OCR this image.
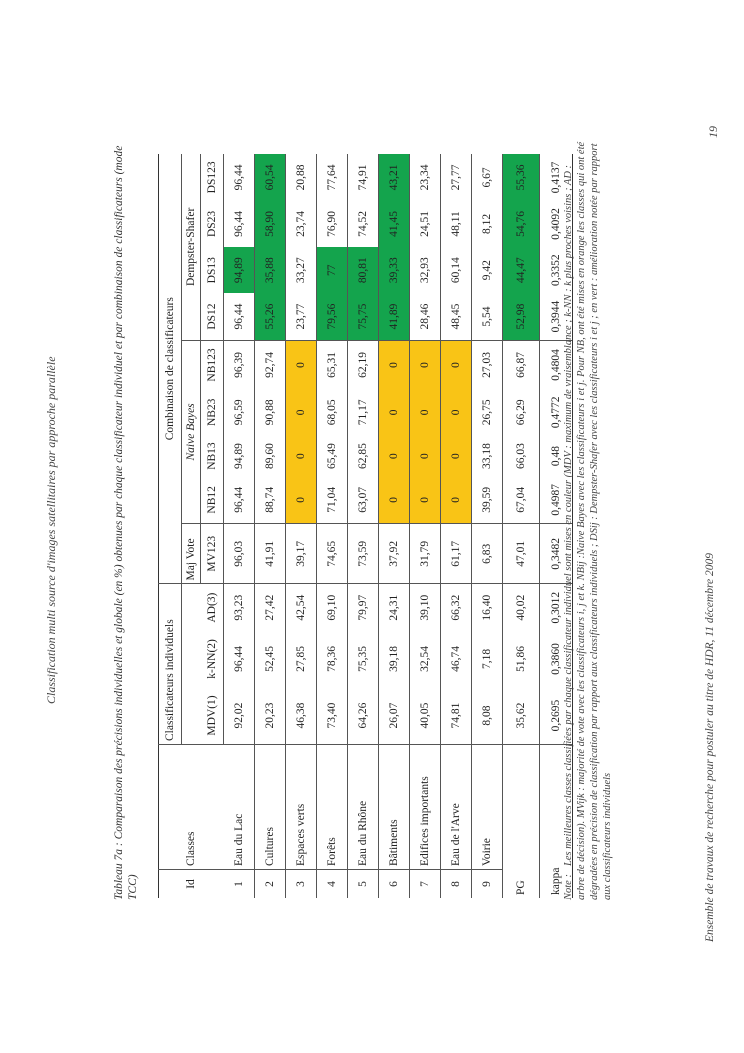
Classification multi source d'images satellitaires par approche parallèle	Tableau 7a : Comparaison des précisions individuelles et globale (en %) obtenues par chaque classificateur individuel et par combinaison de classificateurs (mode TCC)	Id	Classes	Classificateurs individuels			Combinaison de classificateurs								
					Maj Vote	Naive Bayes				Dempster-Shafer			
		MDV(1)	k-NN(2)	AD(3)	MV123	NB12	NB13	NB23	NB123	DS12	DS13	DS23	DS123
1	Eau du Lac	92,02	96,44	93,23	96,03	96,44	94,89	96,59	96,39	96,44	94,89	96,44	96,44
2	Cultures	20,23	52,45	27,42	41,91	88,74	89,60	90,88	92,74	55,26	35,88	58,90	60,54
3	Espaces verts	46,38	27,85	42,54	39,17	0	0	0	0	23,77	33,27	23,74	20,88
4	Forêts	73,40	78,36	69,10	74,65	71,04	65,49	68,05	65,31	79,56	77	76,90	77,64
5	Eau du Rhône	64,26	75,35	79,97	73,59	63,07	62,85	71,17	62,19	75,75	80,81	74,52	74,91
6	Bâtiments	26,07	39,18	24,31	37,92	0	0	0	0	41,89	39,33	41,45	43,21
7	Edifices importants	40,05	32,54	39,10	31,79	0	0	0	0	28,46	32,93	24,51	23,34
8	Eau de l'Arve	74,81	46,74	66,32	61,17	0	0	0	0	48,45	60,14	48,11	27,77
9	Voirie	8,08	7,18	16,40	6,83	39,59	33,18	26,75	27,03	5,54	9,42	8,12	6,67
PG		35,62	51,86	40,02	47,01	67,04	66,03	66,29	66,87	52,98	44,47	54,76	55,36
kappa		0,2695	0,3860	0,3012	0,3482	0,4987	0,48	0,4772	0,4804	0,3944	0,3352	0,4092	0,4137
Note :Les meilleures classes classifiées par chaque classificateur individuel sont mises en couleur (MDV : maximum de vraisemblance ; k-NN : k plus proches voisins ; AD : arbre de décision). MVijk : majorité de vote avec les classificateurs i, j et k. NBij :Naive Bayes avec les classificateurs i et j. Pour NB, ont été mises en orange les classes qui ont été dégradées en précision de classification par rapport aux classificateurs individuels ; DSij : Dempster-Shafer avec les classificateurs i et j ; en vert : amélioration notée par rapport aux classificateurs individuels	Ensemble de travaux de recherche pour postuler au titre de HDR, 11 décembre 2009
19
